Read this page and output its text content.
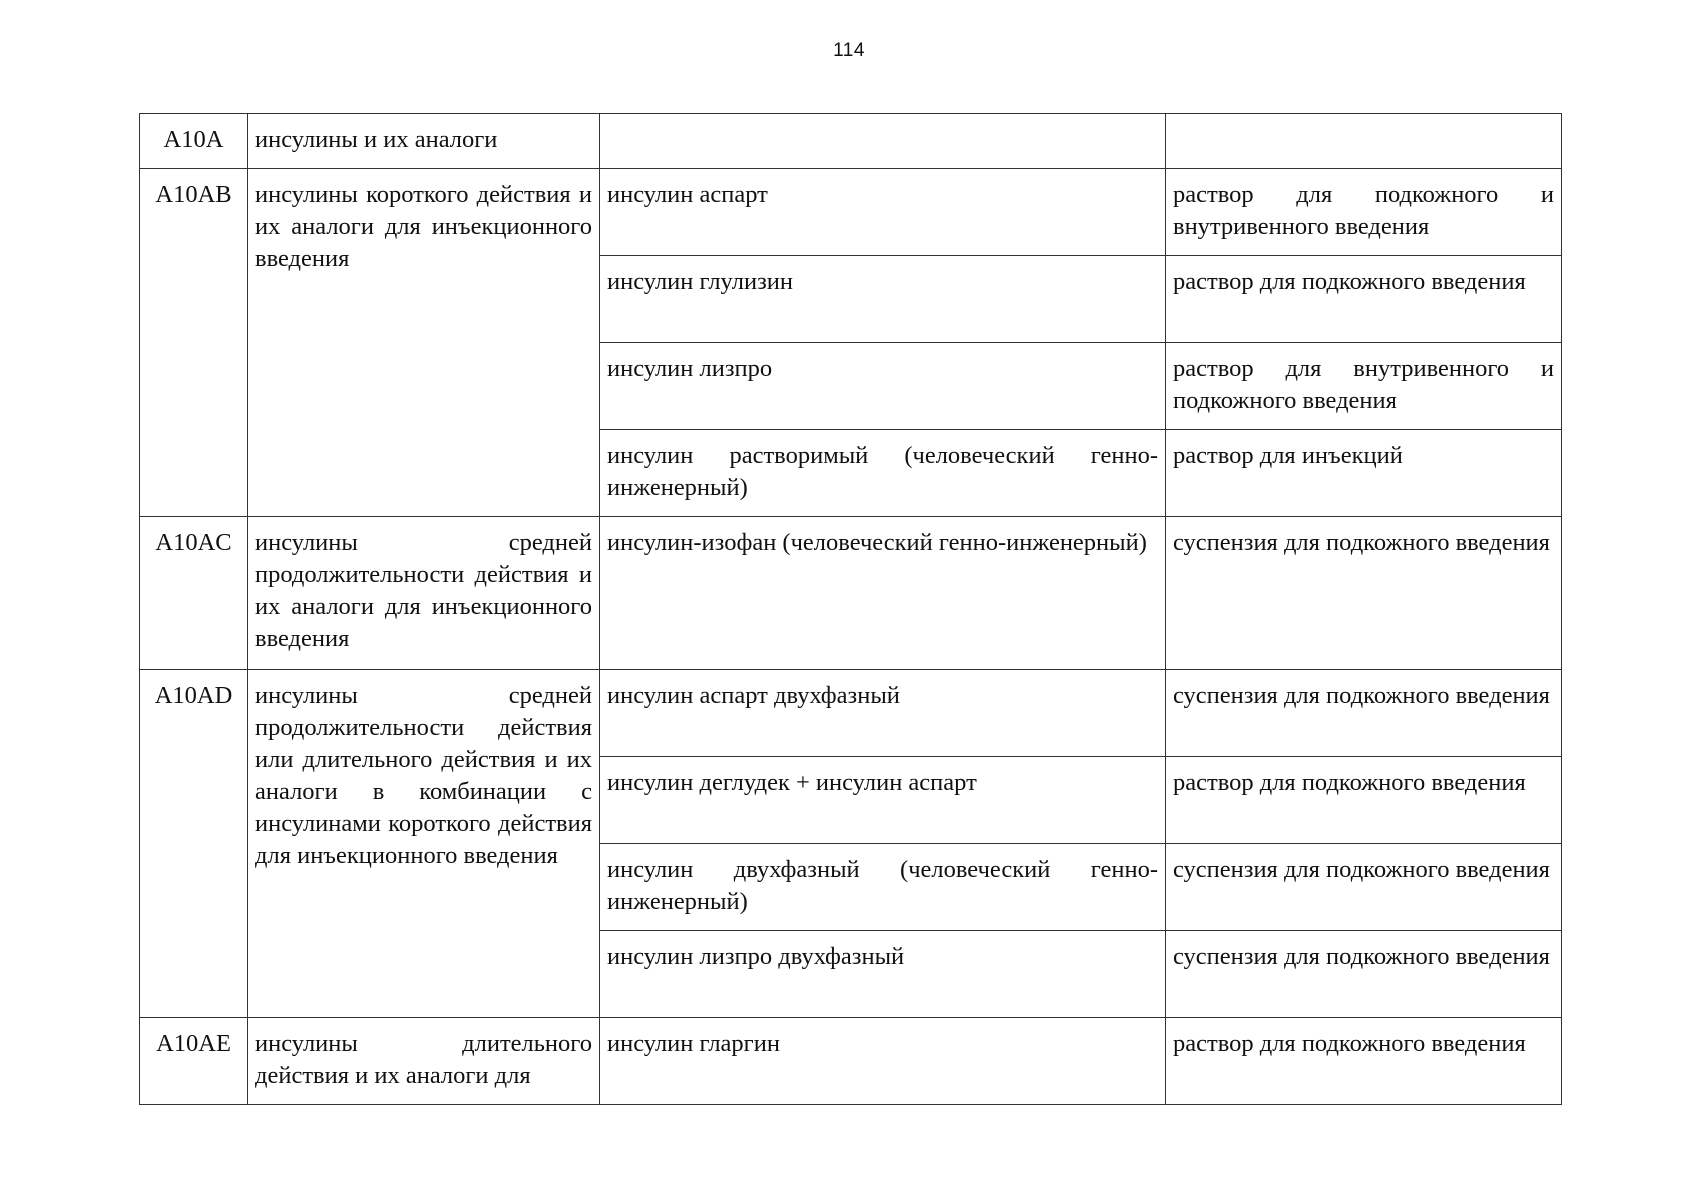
114
A10A	инсулины и их аналоги		
A10AB	инсулины короткого действия и их аналоги для инъекционного введения	инсулин аспарт	раствор для подкожного и внутривенного введения
		инсулин глулизин	раствор для подкожного введения
		инсулин лизпро	раствор для внутривенного и подкожного введения
		инсулин растворимый (человеческий генно-инженерный)	раствор для инъекций
A10AC	инсулины средней продолжительности действия и их аналоги для инъекционного введения	инсулин-изофан (человеческий генно-инженерный)	суспензия для подкожного введения
A10AD	инсулины средней продолжительности действия или длительного действия и их аналоги в комбинации с инсулинами короткого действия для инъекционного введения	инсулин аспарт двухфазный	суспензия для подкожного введения
		инсулин деглудек + инсулин аспарт	раствор для подкожного введения
		инсулин двухфазный (человеческий генно-инженерный)	суспензия для подкожного введения
		инсулин лизпро двухфазный	суспензия для подкожного введения
A10AE	инсулины длительного действия и их аналоги для	инсулин гларгин	раствор для подкожного введения
